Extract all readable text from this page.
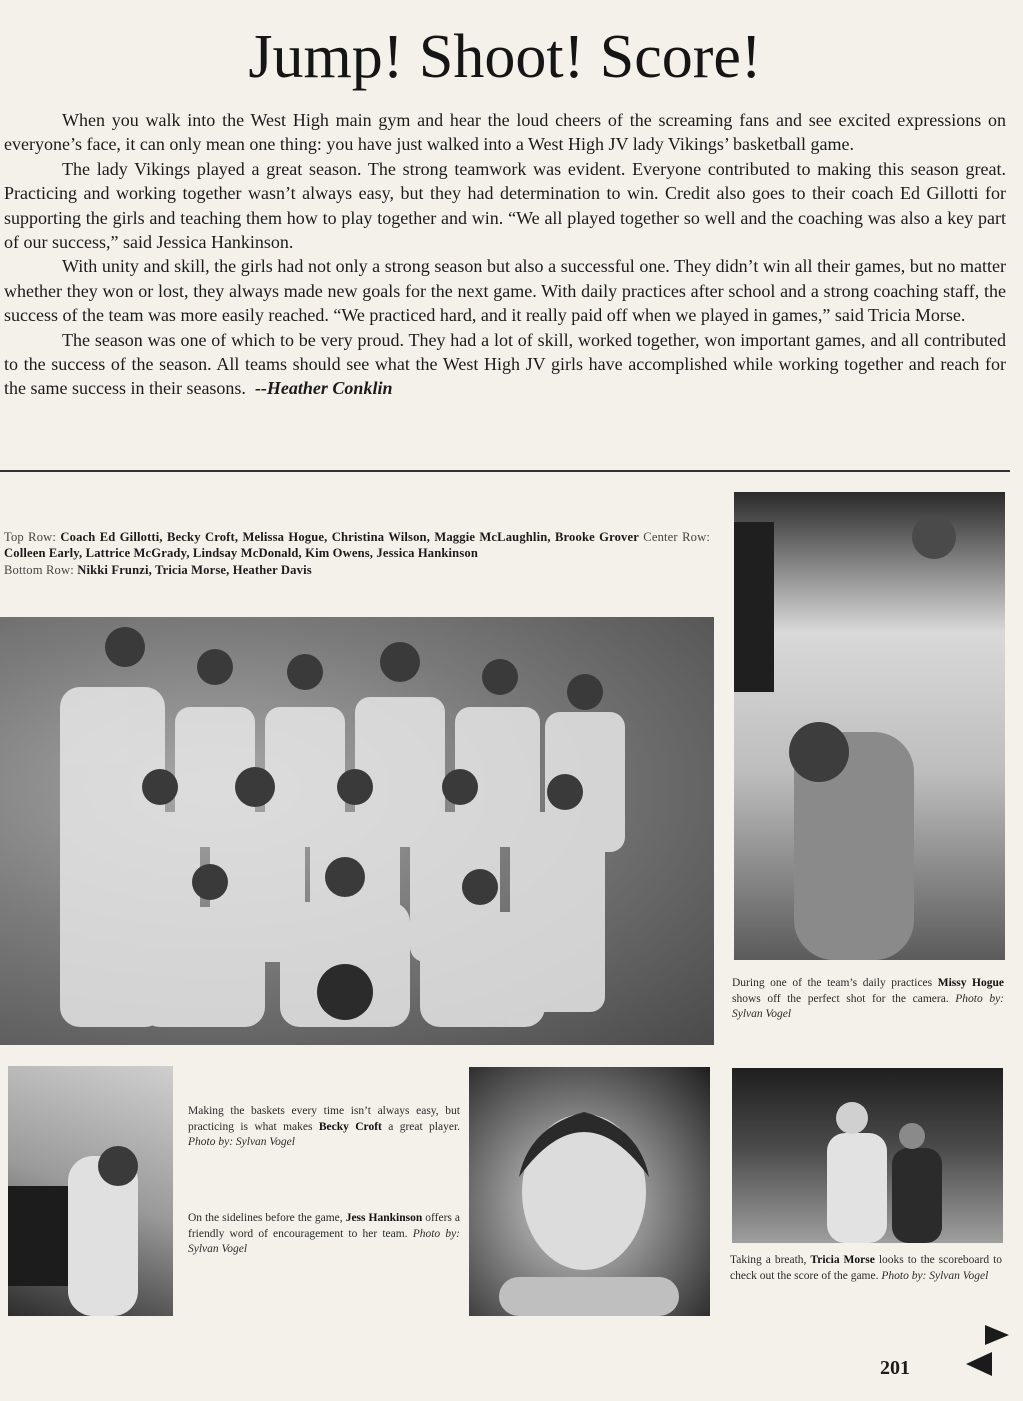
Jump! Shoot! Score!

When you walk into the West High main gym and hear the loud cheers of the screaming fans and see excited expressions on everyone’s face, it can only mean one thing: you have just walked into a West High JV lady Vikings’ basketball game.

The lady Vikings played a great season. The strong teamwork was evident. Everyone contributed to making this season great. Practicing and working together wasn’t always easy, but they had determination to win. Credit also goes to their coach Ed Gillotti for supporting the girls and teaching them how to play together and win. “We all played together so well and the coaching was also a key part of our success,” said Jessica Hankinson.

With unity and skill, the girls had not only a strong season but also a successful one. They didn’t win all their games, but no matter whether they won or lost, they always made new goals for the next game. With daily practices after school and a strong coaching staff, the success of the team was more easily reached. “We practiced hard, and it really paid off when we played in games,” said Tricia Morse.

The season was one of which to be very proud. They had a lot of skill, worked together, won important games, and all contributed to the success of the season. All teams should see what the West High JV girls have accomplished while working together and reach for the same success in their seasons. --Heather Conklin

Top Row: Coach Ed Gillotti, Becky Croft, Melissa Hogue, Christina Wilson, Maggie McLaughlin, Brooke Grover Center Row: Colleen Early, Lattrice McGrady, Lindsay McDonald, Kim Owens, Jessica Hankinson
Bottom Row: Nikki Frunzi, Tricia Morse, Heather Davis
During one of the team’s daily practices Missy Hogue shows off the perfect shot for the camera. Photo by: Sylvan Vogel
Making the baskets every time isn’t always easy, but practicing is what makes Becky Croft a great player. Photo by: Sylvan Vogel
On the sidelines before the game, Jess Hankinson offers a friendly word of encouragement to her team. Photo by: Sylvan Vogel
Taking a breath, Tricia Morse looks to the scoreboard to check out the score of the game. Photo by: Sylvan Vogel
201
